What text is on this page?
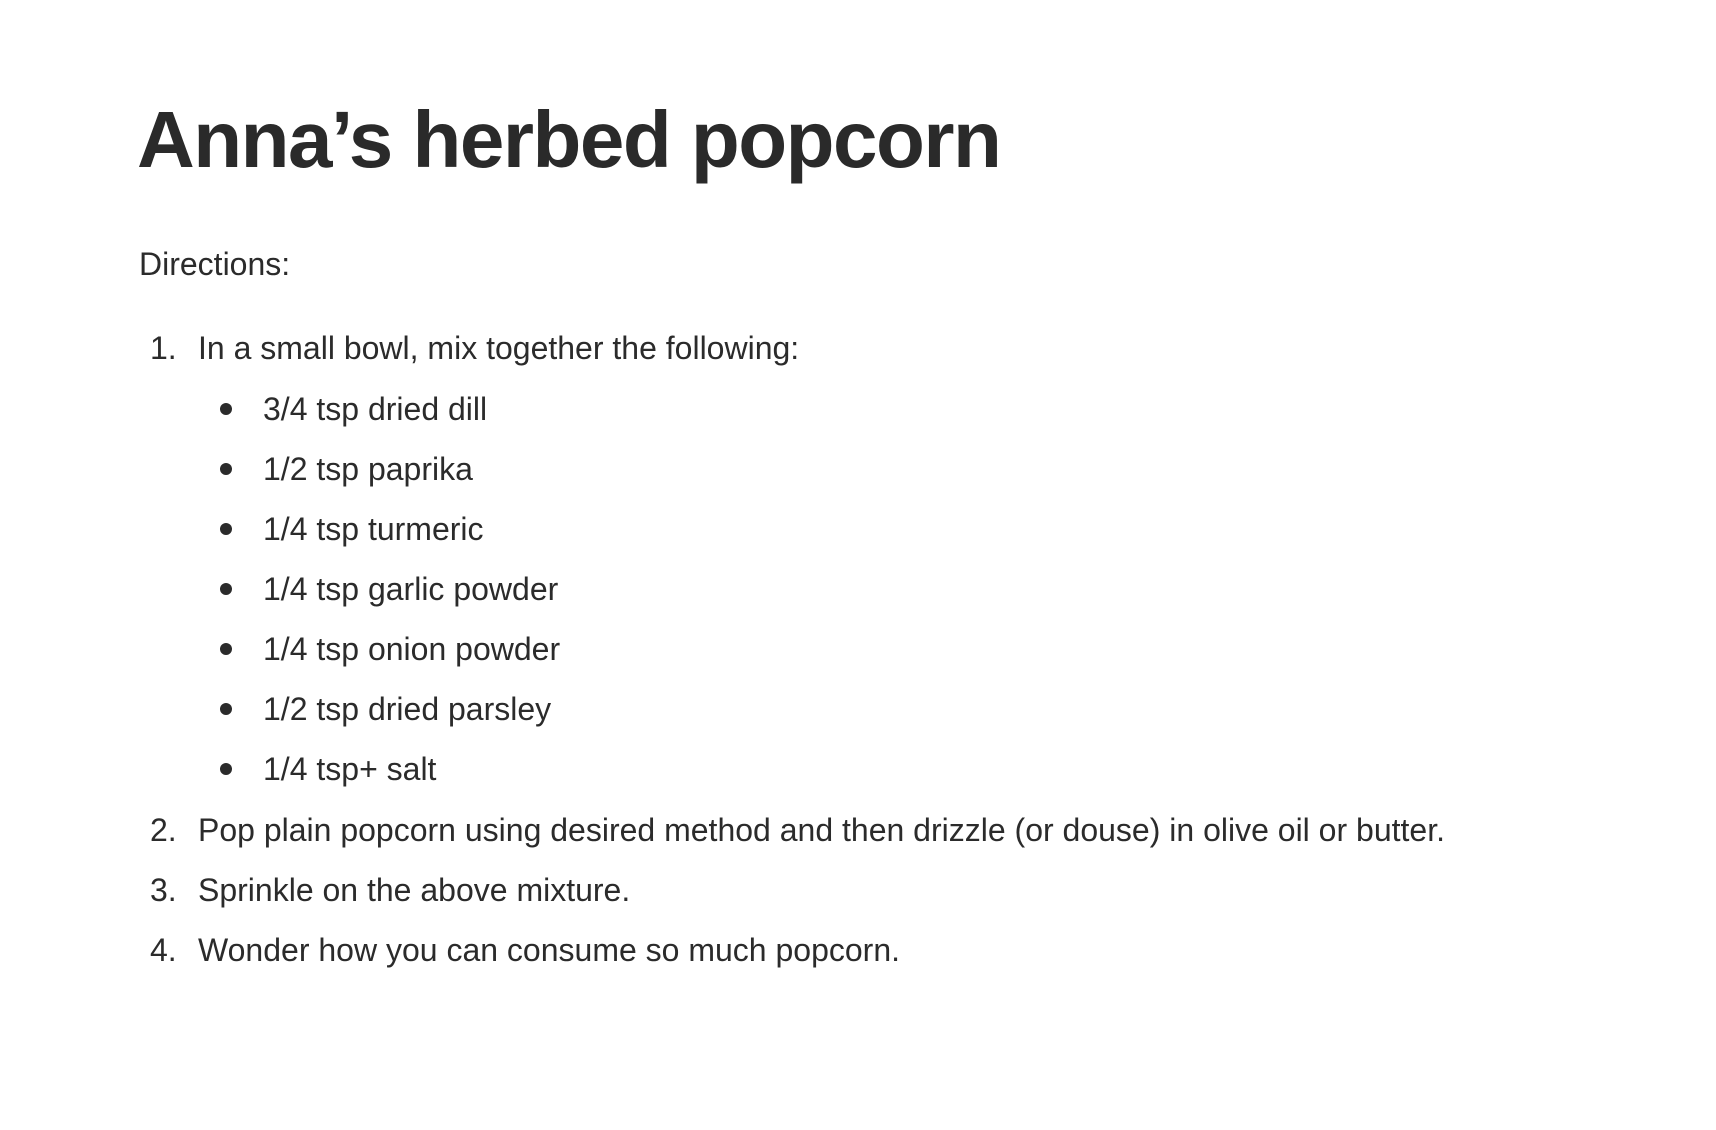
Anna’s herbed popcorn

Directions:

1. In a small bowl, mix together the following:
3/4 tsp dried dill
1/2 tsp paprika
1/4 tsp turmeric
1/4 tsp garlic powder
1/4 tsp onion powder
1/2 tsp dried parsley
1/4 tsp+ salt
2. Pop plain popcorn using desired method and then drizzle (or douse) in olive oil or butter.
3. Sprinkle on the above mixture.
4. Wonder how you can consume so much popcorn.
